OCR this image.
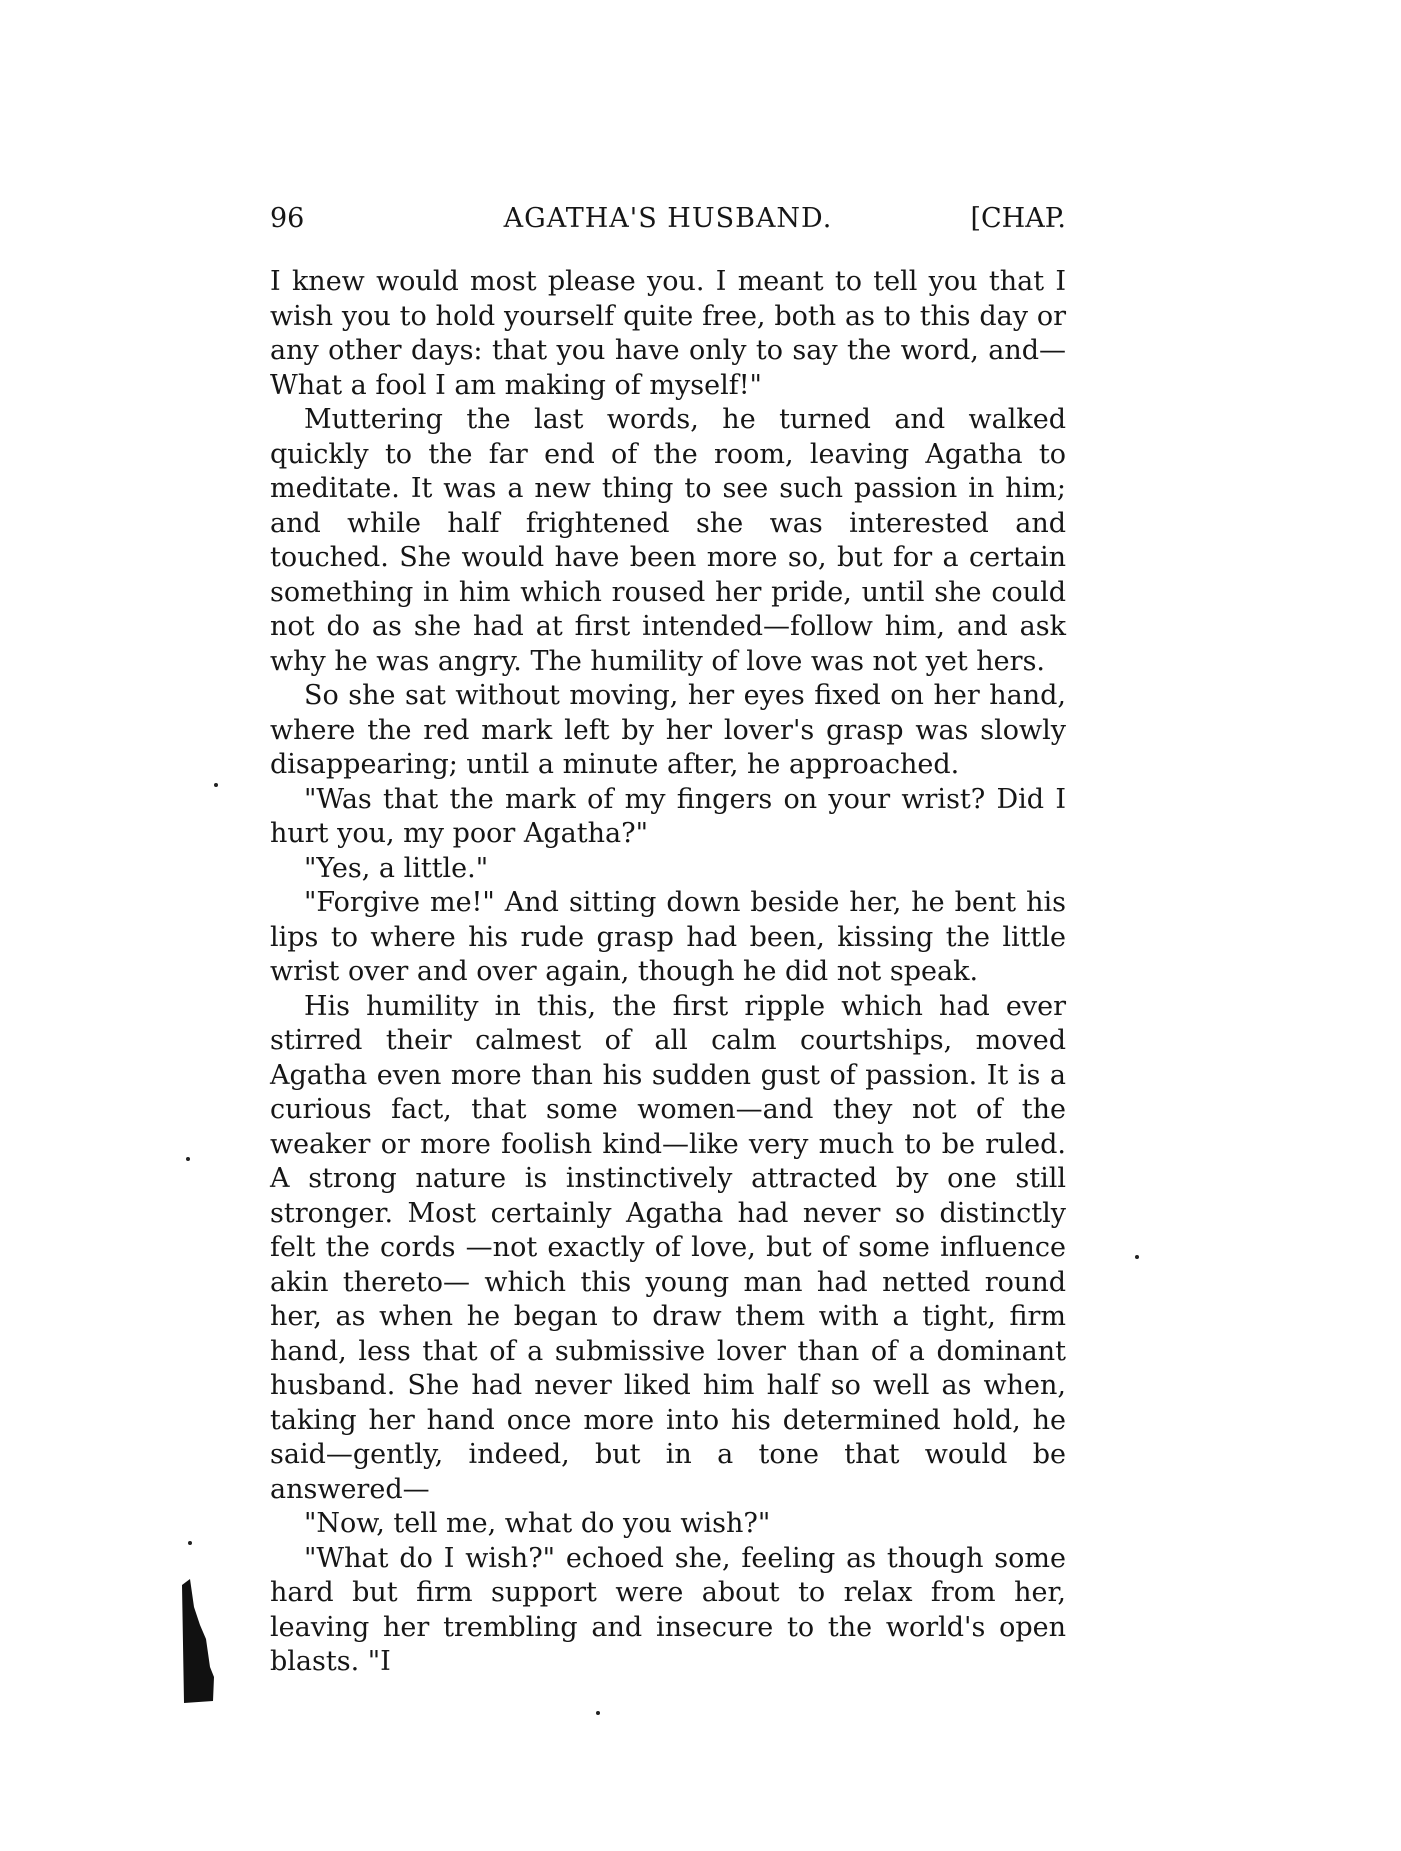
96	AGATHA'S HUSBAND.	[CHAP.

I knew would most please you. I meant to tell you that I wish you to hold yourself quite free, both as to this day or any other days: that you have only to say the word, and— What a fool I am making of myself!"

Muttering the last words, he turned and walked quickly to the far end of the room, leaving Agatha to meditate. It was a new thing to see such passion in him; and while half frightened she was interested and touched. She would have been more so, but for a certain something in him which roused her pride, until she could not do as she had at first intended—follow him, and ask why he was angry. The humility of love was not yet hers.

So she sat without moving, her eyes fixed on her hand, where the red mark left by her lover's grasp was slowly disappearing; until a minute after, he approached.

"Was that the mark of my fingers on your wrist? Did I hurt you, my poor Agatha?"

"Yes, a little."

"Forgive me!" And sitting down beside her, he bent his lips to where his rude grasp had been, kissing the little wrist over and over again, though he did not speak.

His humility in this, the first ripple which had ever stirred their calmest of all calm courtships, moved Agatha even more than his sudden gust of passion. It is a curious fact, that some women—and they not of the weaker or more foolish kind—like very much to be ruled. A strong nature is instinctively attracted by one still stronger. Most certainly Agatha had never so distinctly felt the cords —not exactly of love, but of some influence akin thereto— which this young man had netted round her, as when he began to draw them with a tight, firm hand, less that of a submissive lover than of a dominant husband. She had never liked him half so well as when, taking her hand once more into his determined hold, he said—gently, indeed, but in a tone that would be answered—

"Now, tell me, what do you wish?"

"What do I wish?" echoed she, feeling as though some hard but firm support were about to relax from her, leaving her trembling and insecure to the world's open blasts. "I
